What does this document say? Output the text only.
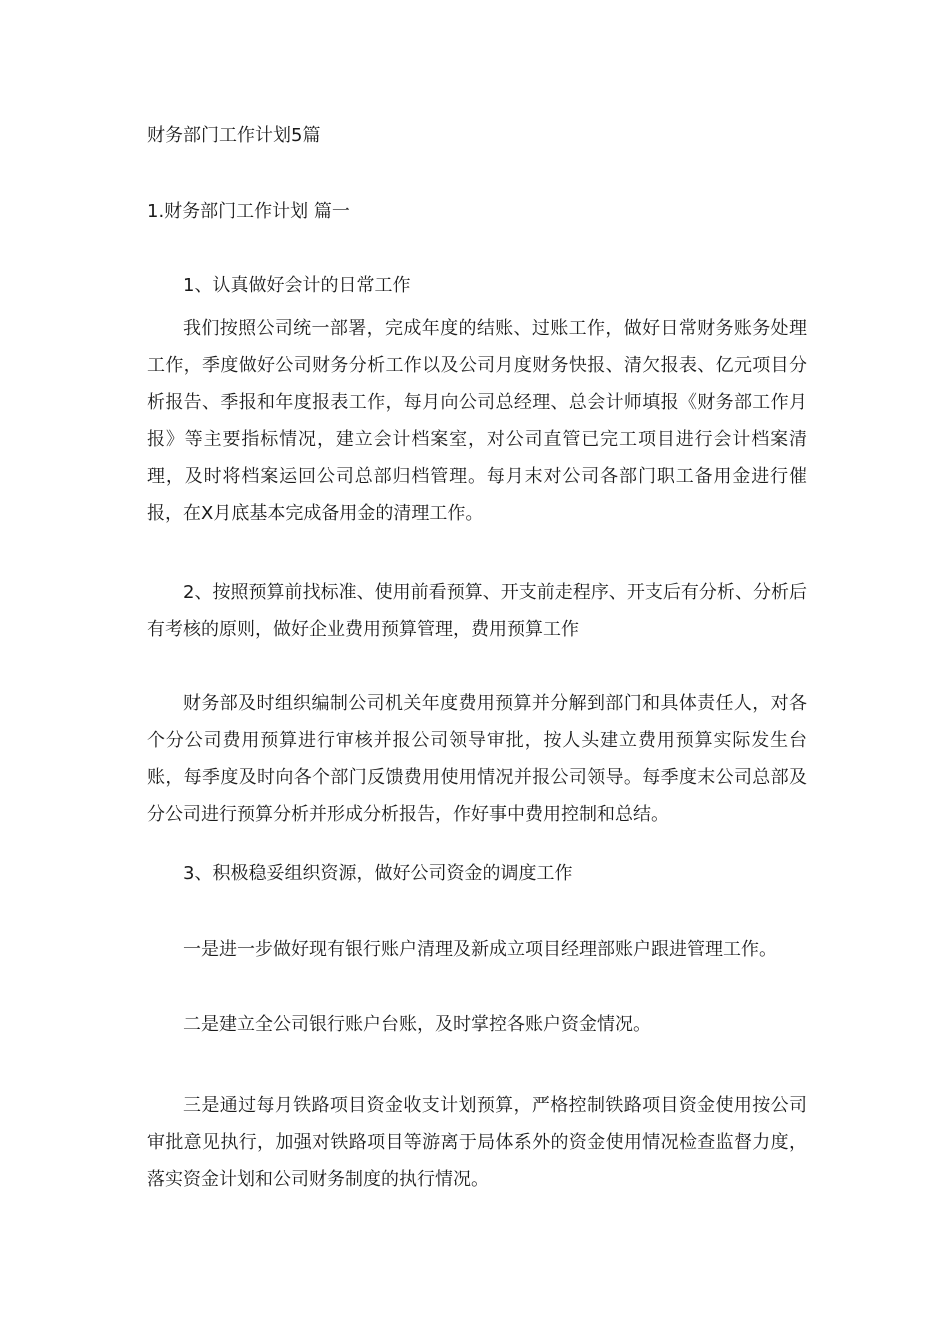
财务部门工作计划5篇
1.财务部门工作计划 篇一
1、认真做好会计的日常工作
我们按照公司统一部署，完成年度的结账、过账工作，做好日常财务账务处理工作，季度做好公司财务分析工作以及公司月度财务快报、清欠报表、亿元项目分析报告、季报和年度报表工作，每月向公司总经理、总会计师填报《财务部工作月报》等主要指标情况，建立会计档案室，对公司直管已完工项目进行会计档案清理，及时将档案运回公司总部归档管理。每月末对公司各部门职工备用金进行催报，在X月底基本完成备用金的清理工作。
2、按照预算前找标准、使用前看预算、开支前走程序、开支后有分析、分析后有考核的原则，做好企业费用预算管理，费用预算工作
财务部及时组织编制公司机关年度费用预算并分解到部门和具体责任人，对各个分公司费用预算进行审核并报公司领导审批，按人头建立费用预算实际发生台账，每季度及时向各个部门反馈费用使用情况并报公司领导。每季度末公司总部及分公司进行预算分析并形成分析报告，作好事中费用控制和总结。
3、积极稳妥组织资源，做好公司资金的调度工作
一是进一步做好现有银行账户清理及新成立项目经理部账户跟进管理工作。
二是建立全公司银行账户台账，及时掌控各账户资金情况。
三是通过每月铁路项目资金收支计划预算，严格控制铁路项目资金使用按公司审批意见执行，加强对铁路项目等游离于局体系外的资金使用情况检查监督力度，落实资金计划和公司财务制度的执行情况。
